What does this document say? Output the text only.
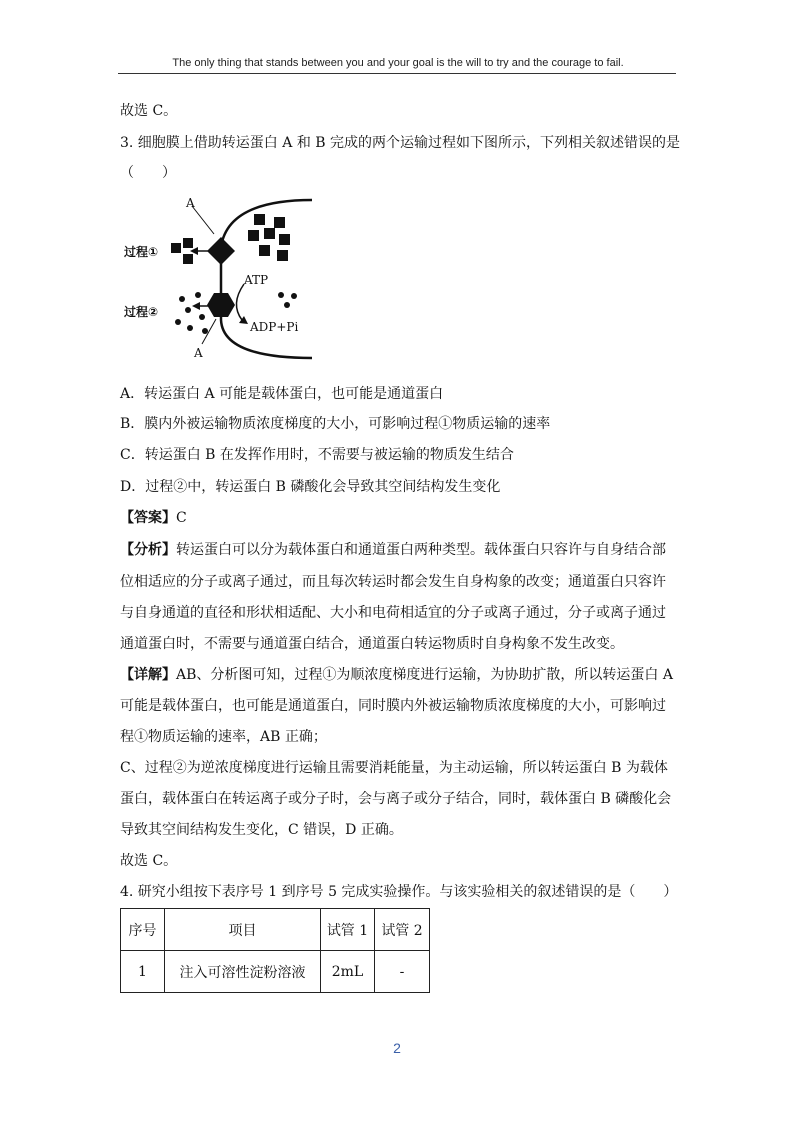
The only thing that stands between you and your goal is the will to try and the courage to fail.
故选 C。
3. 细胞膜上借助转运蛋白 A 和 B 完成的两个运输过程如下图所示，下列相关叙述错误的是
（　　）
A
A
过程①
过程②
ATP
ADP+Pi
A．转运蛋白 A 可能是载体蛋白，也可能是通道蛋白
B．膜内外被运输物质浓度梯度的大小，可影响过程①物质运输的速率
C．转运蛋白 B 在发挥作用时，不需要与被运输的物质发生结合
D．过程②中，转运蛋白 B 磷酸化会导致其空间结构发生变化
【答案】C
【分析】转运蛋白可以分为载体蛋白和通道蛋白两种类型。载体蛋白只容许与自身结合部
位相适应的分子或离子通过，而且每次转运时都会发生自身构象的改变；通道蛋白只容许
与自身通道的直径和形状相适配、大小和电荷相适宜的分子或离子通过，分子或离子通过
通道蛋白时，不需要与通道蛋白结合，通道蛋白转运物质时自身构象不发生改变。
【详解】AB、分析图可知，过程①为顺浓度梯度进行运输，为协助扩散，所以转运蛋白 A
可能是载体蛋白，也可能是通道蛋白，同时膜内外被运输物质浓度梯度的大小，可影响过
程①物质运输的速率，AB 正确；
C、过程②为逆浓度梯度进行运输且需要消耗能量，为主动运输，所以转运蛋白 B 为载体
蛋白，载体蛋白在转运离子或分子时，会与离子或分子结合，同时，载体蛋白 B 磷酸化会
导致其空间结构发生变化，C 错误，D 正确。
故选 C。
4. 研究小组按下表序号 1 到序号 5 完成实验操作。与该实验相关的叙述错误的是（　　）
序号	项目	试管 1	试管 2
1	注入可溶性淀粉溶液	2mL	-
2
